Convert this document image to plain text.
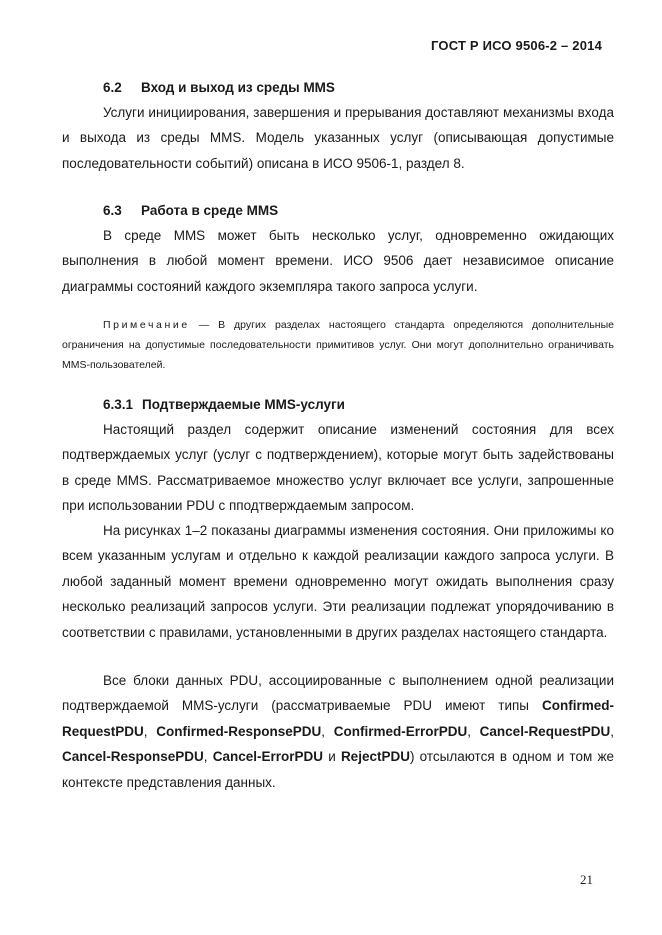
ГОСТ Р ИСО 9506-2 – 2014
6.2 Вход и выход из среды MMS
Услуги инициирования, завершения и прерывания доставляют механизмы входа и выхода из среды MMS. Модель указанных услуг (описывающая допустимые последовательности событий) описана в ИСО 9506-1, раздел 8.
6.3 Работа в среде MMS
В среде MMS может быть несколько услуг, одновременно ожидающих выполнения в любой момент времени. ИСО 9506 дает независимое описание диаграммы состояний каждого экземпляра такого запроса услуги.
Примечание — В других разделах настоящего стандарта определяются дополнительные ограничения на допустимые последовательности примитивов услуг. Они могут дополнительно ограничивать MMS-пользователей.
6.3.1 Подтверждаемые MMS-услуги
Настоящий раздел содержит описание изменений состояния для всех подтверждаемых услуг (услуг с подтверждением), которые могут быть задействованы в среде MMS. Рассматриваемое множество услуг включает все услуги, запрошенные при использовании PDU с пподтверждаемым запросом.
На рисунках 1–2 показаны диаграммы изменения состояния. Они приложимы ко всем указанным услугам и отдельно к каждой реализации каждого запроса услуги. В любой заданный момент времени одновременно могут ожидать выполнения сразу несколько реализаций запросов услуги. Эти реализации подлежат упорядочиванию в соответствии с правилами, установленными в других разделах настоящего стандарта.
Все блоки данных PDU, ассоциированные с выполнением одной реализации подтверждаемой MMS-услуги (рассматриваемые PDU имеют типы Confirmed-RequestPDU, Confirmed-ResponsePDU, Confirmed-ErrorPDU, Cancel-RequestPDU, Cancel-ResponsePDU, Cancel-ErrorPDU и RejectPDU) отсылаются в одном и том же контексте представления данных.
21
